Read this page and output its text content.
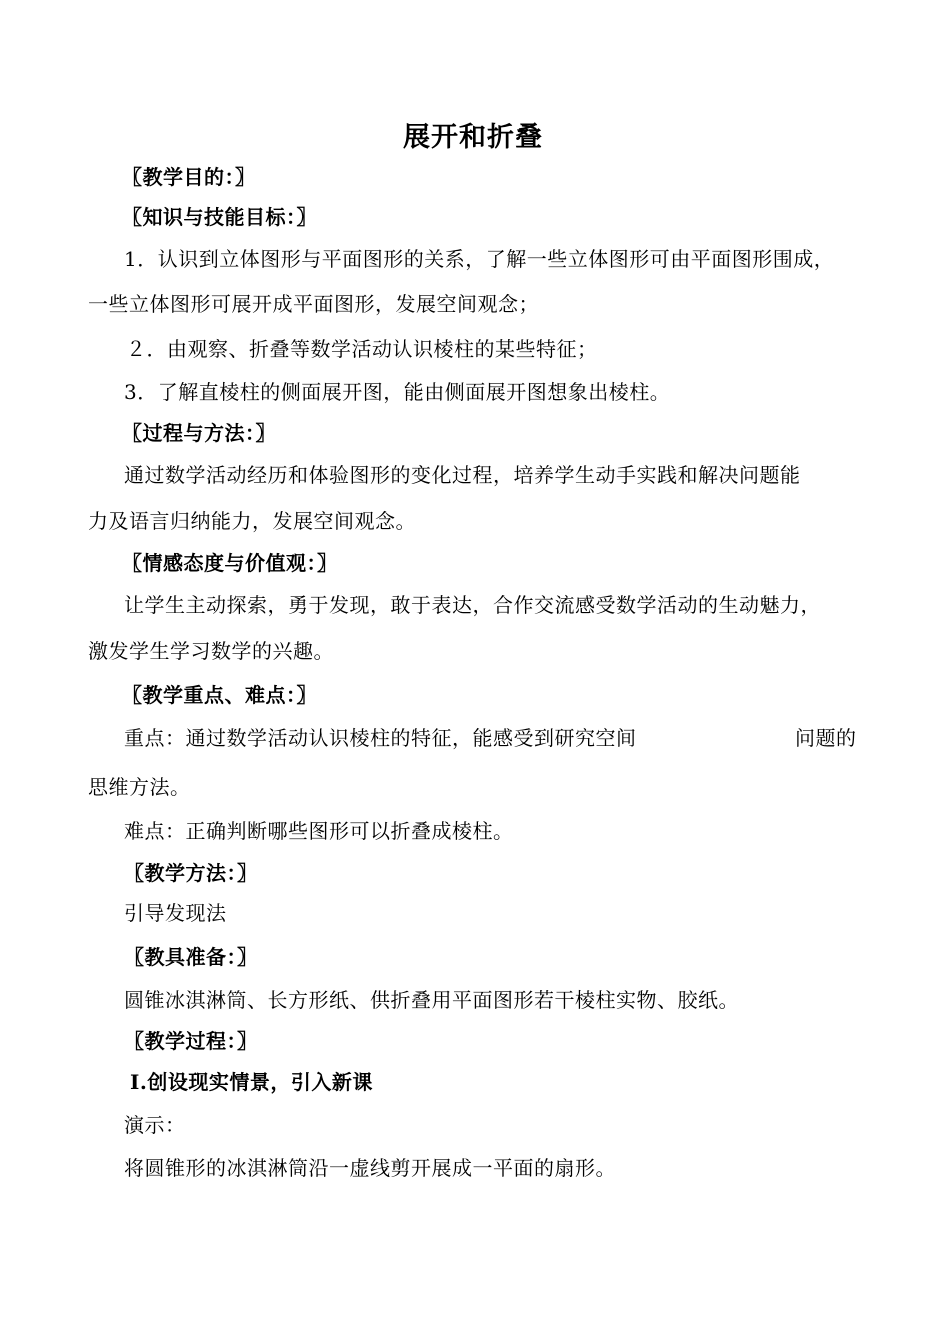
展开和折叠
〖教学目的：〗
〖知识与技能目标：〗
1．认识到立体图形与平面图形的关系，了解一些立体图形可由平面图形围成，
一些立体图形可展开成平面图形，发展空间观念；
２．由观察、折叠等数学活动认识棱柱的某些特征；
3．了解直棱柱的侧面展开图，能由侧面展开图想象出棱柱。
〖过程与方法：〗
通过数学活动经历和体验图形的变化过程，培养学生动手实践和解决问题能
力及语言归纳能力，发展空间观念。
〖情感态度与价值观：〗
让学生主动探索，勇于发现，敢于表达，合作交流感受数学活动的生动魅力，
激发学生学习数学的兴趣。
〖教学重点、难点：〗
重点：通过数学活动认识棱柱的特征，能感受到研究空间	问题的
思维方法。
难点：正确判断哪些图形可以折叠成棱柱。
〖教学方法：〗
引导发现法
〖教具准备：〗
圆锥冰淇淋筒、长方形纸、供折叠用平面图形若干棱柱实物、胶纸。
〖教学过程：〗
Ⅰ.创设现实情景，引入新课
演示：
将圆锥形的冰淇淋筒沿一虚线剪开展成一平面的扇形。
